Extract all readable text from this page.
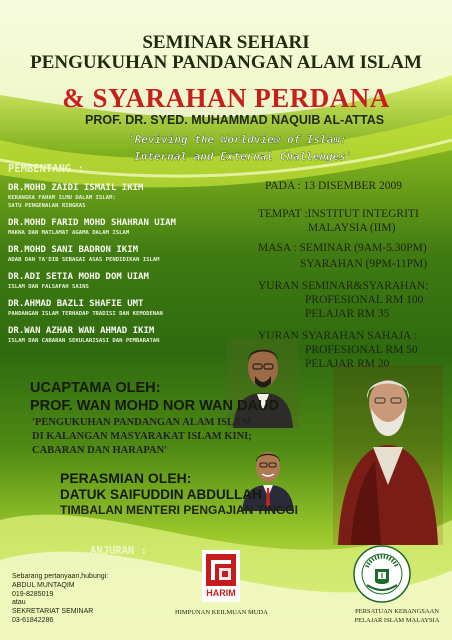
SEMINAR SEHARI
PENGUKUHAN PANDANGAN ALAM ISLAM
& SYARAHAN PERDANA
PROF. DR. SYED. MUHAMMAD NAQUIB AL-ATTAS
'Reviving the Worldview of Islam:
Internal and External Challenges'
PEMBENTANG :
DR.MOHD ZAIDI ISMAIL IKIM
KERANGKA FAHAM ILMU DALAM ISLAM:
SATU PENGENALAN RINGKAS
DR.MOHD FARID MOHD SHAHRAN UIAM
MAKNA DAN MATLAMAT AGAMA DALAM ISLAM
DR.MOHD SANI BADRON IKIM
ADAB DAN TA'DIB SEBAGAI ASAS PENDIDIKAN ISLAM
DR.ADI SETIA MOHD DOM UIAM
ISLAM DAN FALSAFAH SAINS
DR.AHMAD BAZLI SHAFIE UMT
PANDANGAN ISLAM TERHADAP TRADISI DAN KEMODENAN
DR.WAN AZHAR WAN AHMAD IKIM
ISLAM DAN CABARAN SEKULARISASI DAN PEMBARATAN
PADA : 13 DISEMBER 2009
TEMPAT :INSTITUT INTEGRITI
MALAYSIA (IIM)
MASA : SEMINAR (9AM-5.30PM)
SYARAHAN (9PM-11PM)
YURAN SEMINAR&SYARAHAN:
PROFESIONAL RM 100
PELAJAR RM 35
YURAN SYARAHAN SAHAJA :
PROFESIONAL RM 50
PELAJAR RM 20
UCAPTAMA OLEH:
PROF. WAN MOHD NOR WAN DAUD
'PENGUKUHAN PANDANGAN ALAM ISLAM
DI KALANGAN MASYARAKAT ISLAM KINI;
CABARAN DAN HARAPAN'
PERASMIAN OLEH:
DATUK SAIFUDDIN ABDULLAH
TIMBALAN MENTERI PENGAJIAN TINGGI
ANJURAN :
Sebarang pertanyaan,hubungi:
ABDUL MUNTAQIM
019-8285019
atau
SEKRETARIAT SEMINAR
03-61842286
HARIM
HIMPUNAN KEILMUAN MUDA	PERSATUAN KEBANGSAAN
PELAJAR ISLAM MALAYSIA
